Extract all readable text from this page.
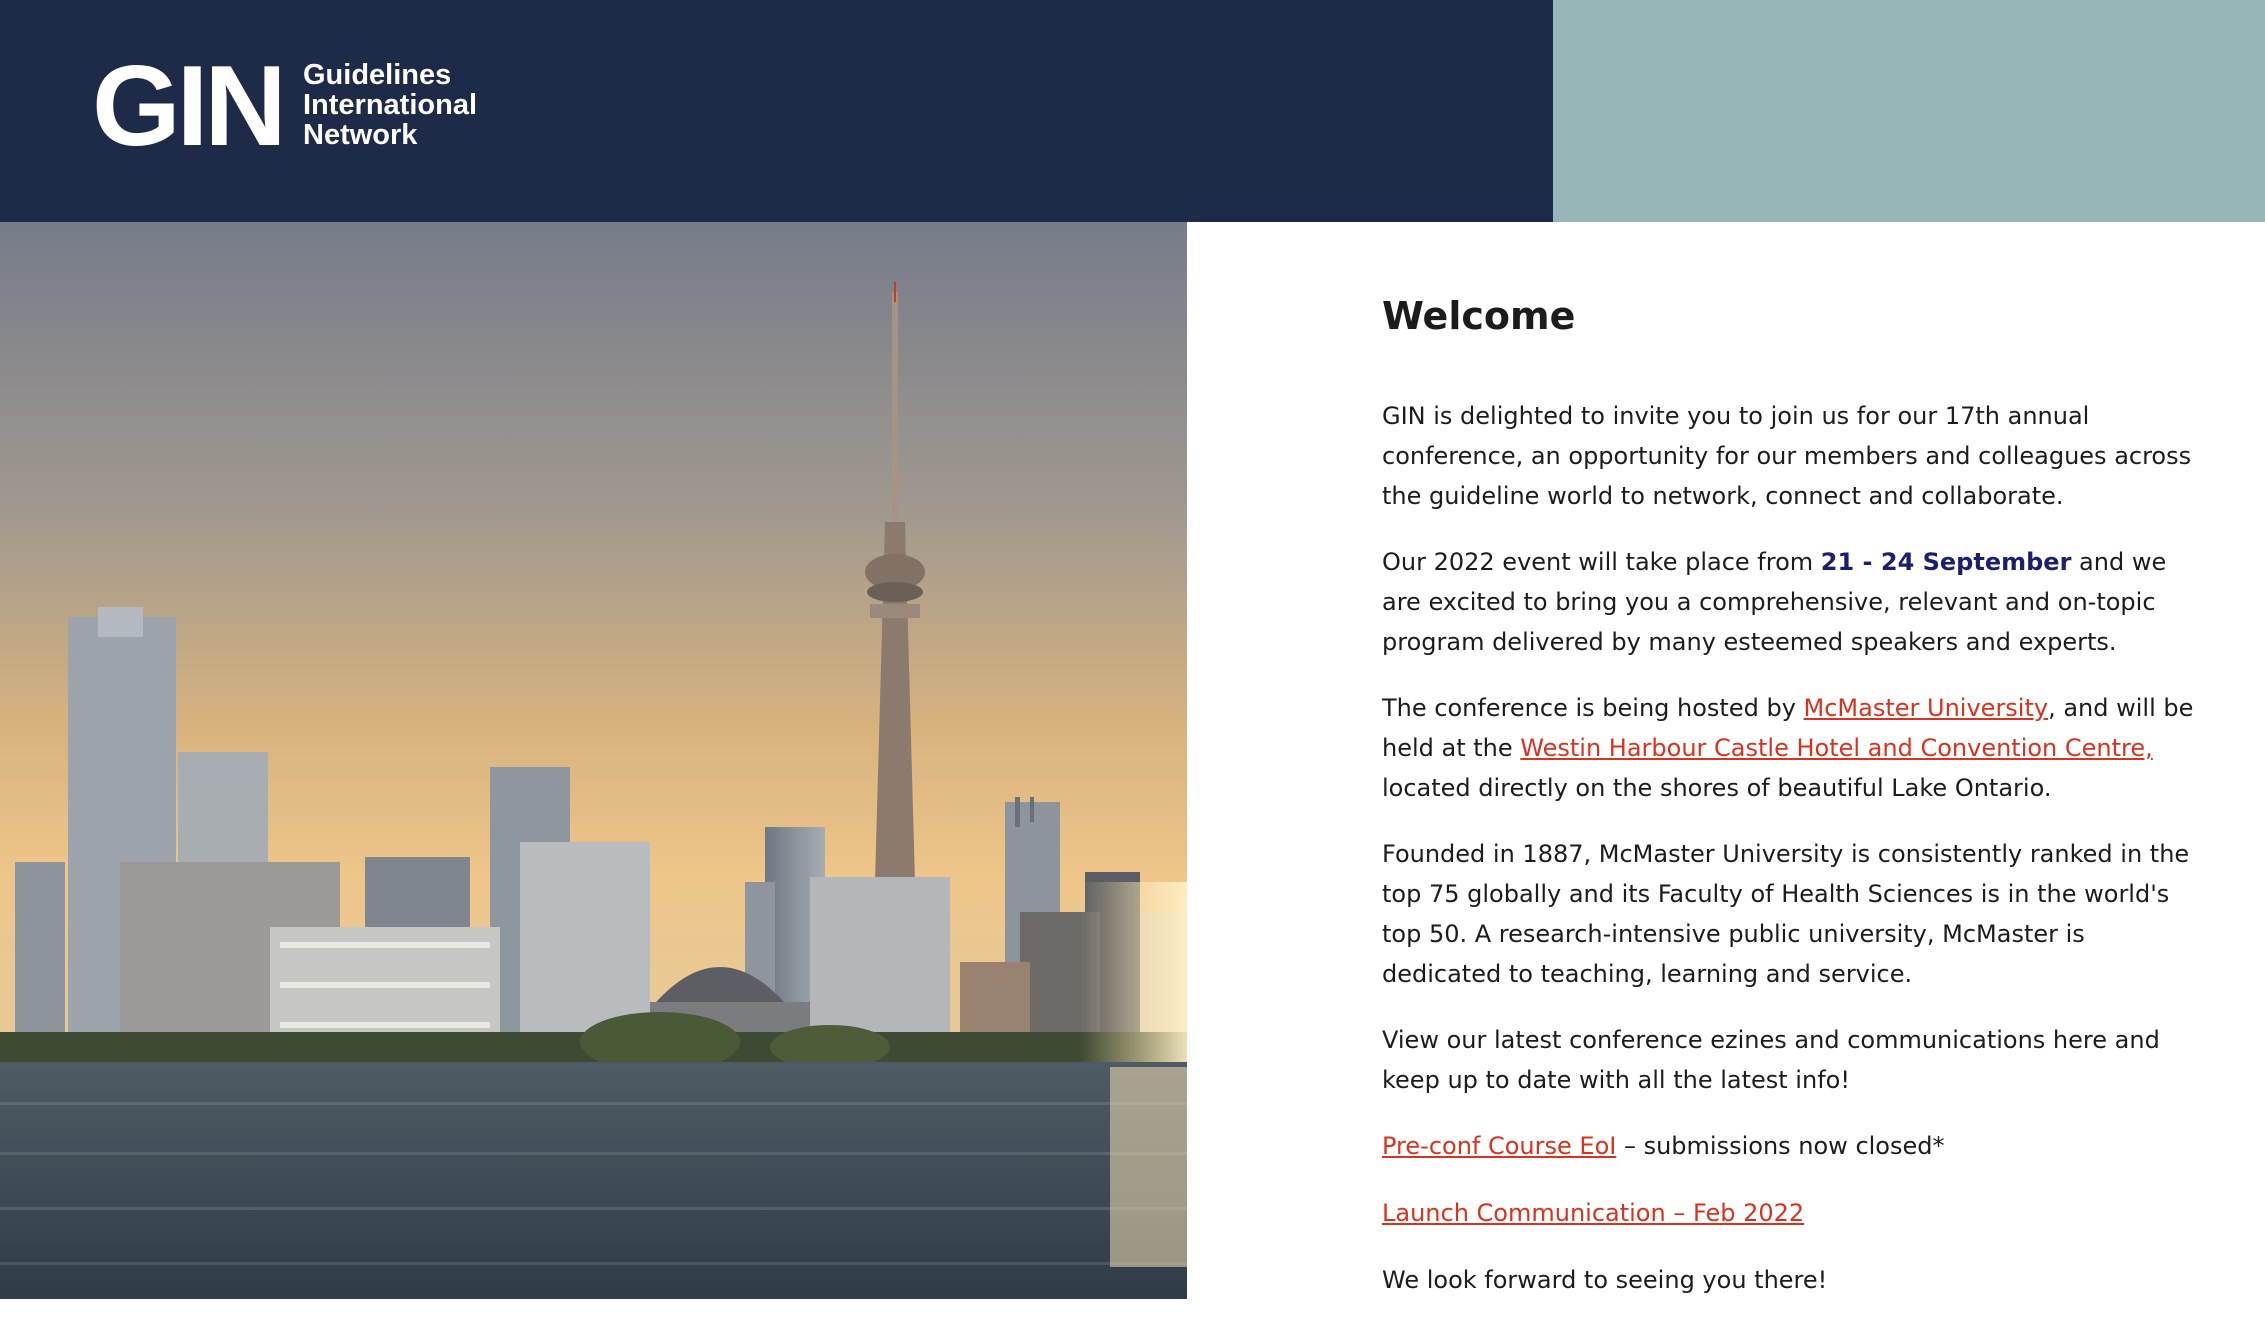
GIN Guidelines
International
Network
Welcome

GIN is delighted to invite you to join us for our 17th annual conference, an opportunity for our members and colleagues across the guideline world to network, connect and collaborate.

Our 2022 event will take place from 21 - 24 September and we are excited to bring you a comprehensive, relevant and on-topic program delivered by many esteemed speakers and experts.

The conference is being hosted by McMaster University, and will be held at the Westin Harbour Castle Hotel and Convention Centre, located directly on the shores of beautiful Lake Ontario.

Founded in 1887, McMaster University is consistently ranked in the top 75 globally and its Faculty of Health Sciences is in the world's top 50. A research-intensive public university, McMaster is dedicated to teaching, learning and service.

View our latest conference ezines and communications here and keep up to date with all the latest info!

Pre-conf Course EoI – submissions now closed*

Launch Communication – Feb 2022

We look forward to seeing you there!
